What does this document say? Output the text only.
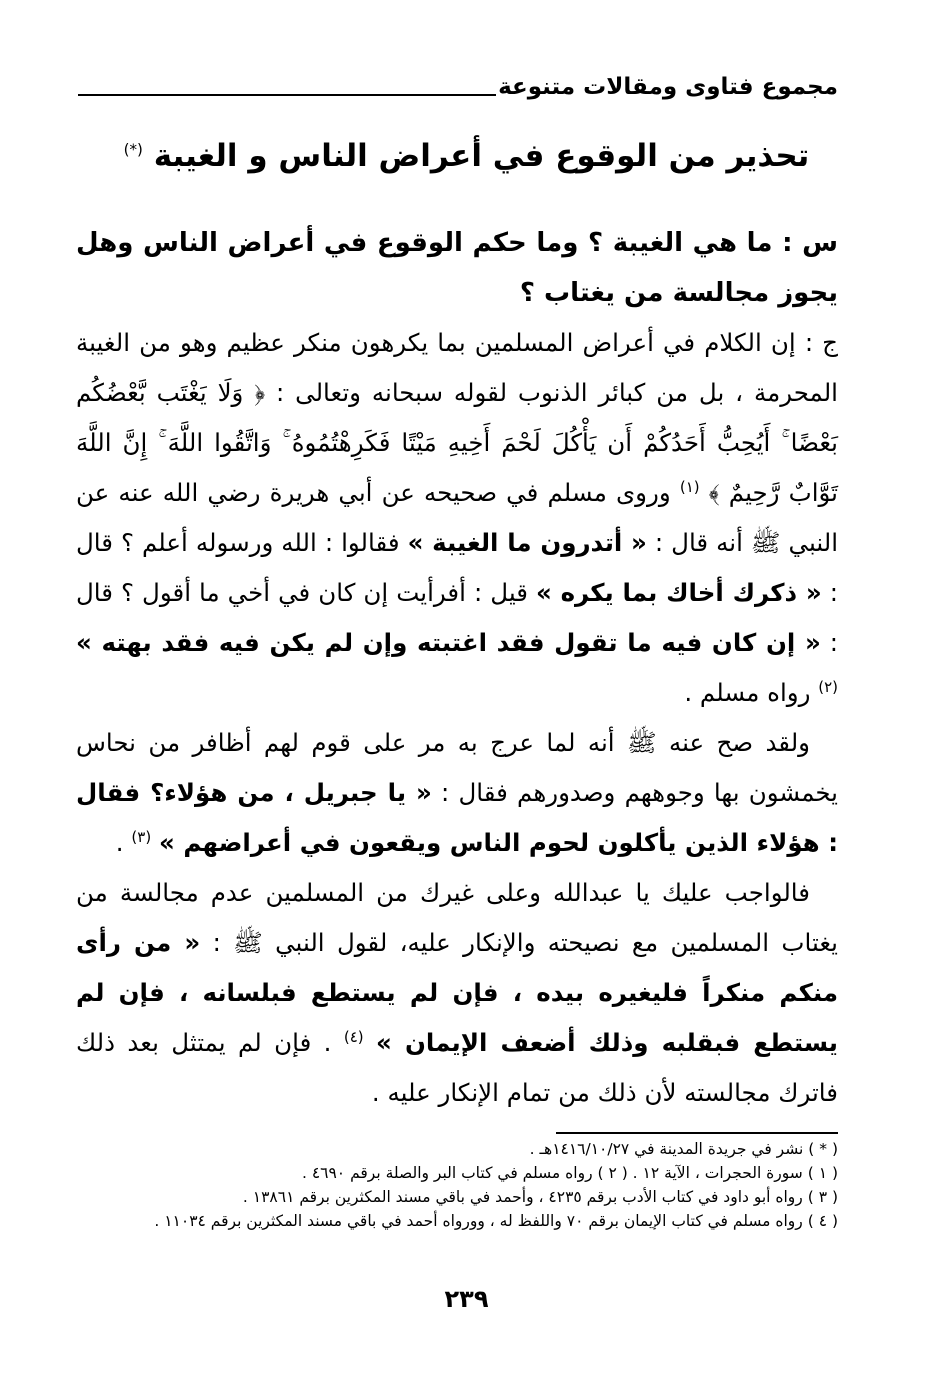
مجموع فتاوى ومقالات متنوعة
تحذير من الوقوع في أعراض الناس و الغيبة (*)

س : ما هي الغيبة ؟ وما حكم الوقوع في أعراض الناس وهل يجوز مجالسة من يغتاب ؟

ج : إن الكلام في أعراض المسلمين بما يكرهون منكر عظيم وهو من الغيبة المحرمة ، بل من كبائر الذنوب لقوله سبحانه وتعالى : ﴿ وَلَا يَغْتَب بَّعْضُكُم بَعْضًا ۚ أَيُحِبُّ أَحَدُكُمْ أَن يَأْكُلَ لَحْمَ أَخِيهِ مَيْتًا فَكَرِهْتُمُوهُ ۚ وَاتَّقُوا اللَّهَ ۚ إِنَّ اللَّهَ تَوَّابٌ رَّحِيمٌ ﴾ $^{(١)}$ وروى مسلم في صحيحه عن أبي هريرة رضي الله عنه عن النبي ﷺ أنه قال : « أتدرون ما الغيبة » فقالوا : الله ورسوله أعلم ؟ قال : « ذكرك أخاك بما يكره » قيل : أفرأيت إن كان في أخي ما أقول ؟ قال : « إن كان فيه ما تقول فقد اغتبته وإن لم يكن فيه فقد بهته » $^{(٢)}$ رواه مسلم .

ولقد صح عنه ﷺ أنه لما عرج به مر على قوم لهم أظافر من نحاس يخمشون بها وجوههم وصدورهم فقال : « يا جبريل ، من هؤلاء؟ فقال : هؤلاء الذين يأكلون لحوم الناس ويقعون في أعراضهم » $^{(٣)}$ .

فالواجب عليك يا عبدالله وعلى غيرك من المسلمين عدم مجالسة من يغتاب المسلمين مع نصيحته والإنكار عليه، لقول النبي ﷺ : « من رأى منكم منكراً فليغيره بيده ، فإن لم يستطع فبلسانه ، فإن لم يستطع فبقلبه وذلك أضعف الإيمان » $^{(٤)}$ . فإن لم يمتثل بعد ذلك فاترك مجالسته لأن ذلك من تمام الإنكار عليه .

( * ) نشر في جريدة المدينة في ١٤١٦/١٠/٢٧هـ .
( ١ ) سورة الحجرات ، الآية ١٢ . ( ٢ ) رواه مسلم في كتاب البر والصلة برقم ٤٦٩٠ .
( ٣ ) رواه أبو داود في كتاب الأدب برقم ٤٢٣٥ ، وأحمد في باقي مسند المكثرين برقم ١٣٨٦١ .
( ٤ ) رواه مسلم في كتاب الإيمان برقم ٧٠ واللفظ له ، وورواه أحمد في باقي مسند المكثرين برقم ١١٠٣٤ .
٢٣٩
